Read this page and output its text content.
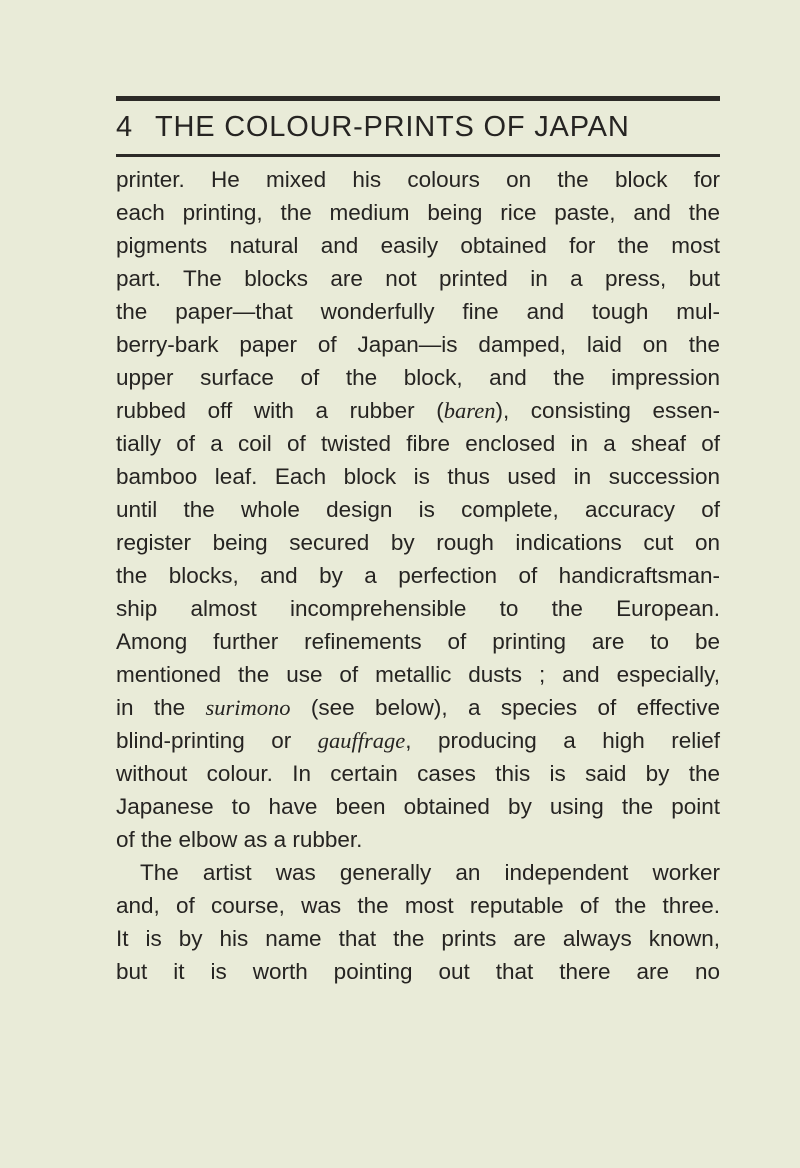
4 THE COLOUR-PRINTS OF JAPAN
printer. He mixed his colours on the block for
each printing, the medium being rice paste, and the
pigments natural and easily obtained for the most
part. The blocks are not printed in a press, but
the paper—that wonderfully fine and tough mul-
berry-bark paper of Japan—is damped, laid on the
upper surface of the block, and the impression
rubbed off with a rubber (baren), consisting essen-
tially of a coil of twisted fibre enclosed in a sheaf of
bamboo leaf. Each block is thus used in succession
until the whole design is complete, accuracy of
register being secured by rough indications cut on
the blocks, and by a perfection of handicraftsman-
ship almost incomprehensible to the European.
Among further refinements of printing are to be
mentioned the use of metallic dusts ; and especially,
in the surimono (see below), a species of effective
blind-printing or gauffrage, producing a high relief
without colour. In certain cases this is said by the
Japanese to have been obtained by using the point
of the elbow as a rubber.
The artist was generally an independent worker
and, of course, was the most reputable of the three.
It is by his name that the prints are always known,
but it is worth pointing out that there are no
